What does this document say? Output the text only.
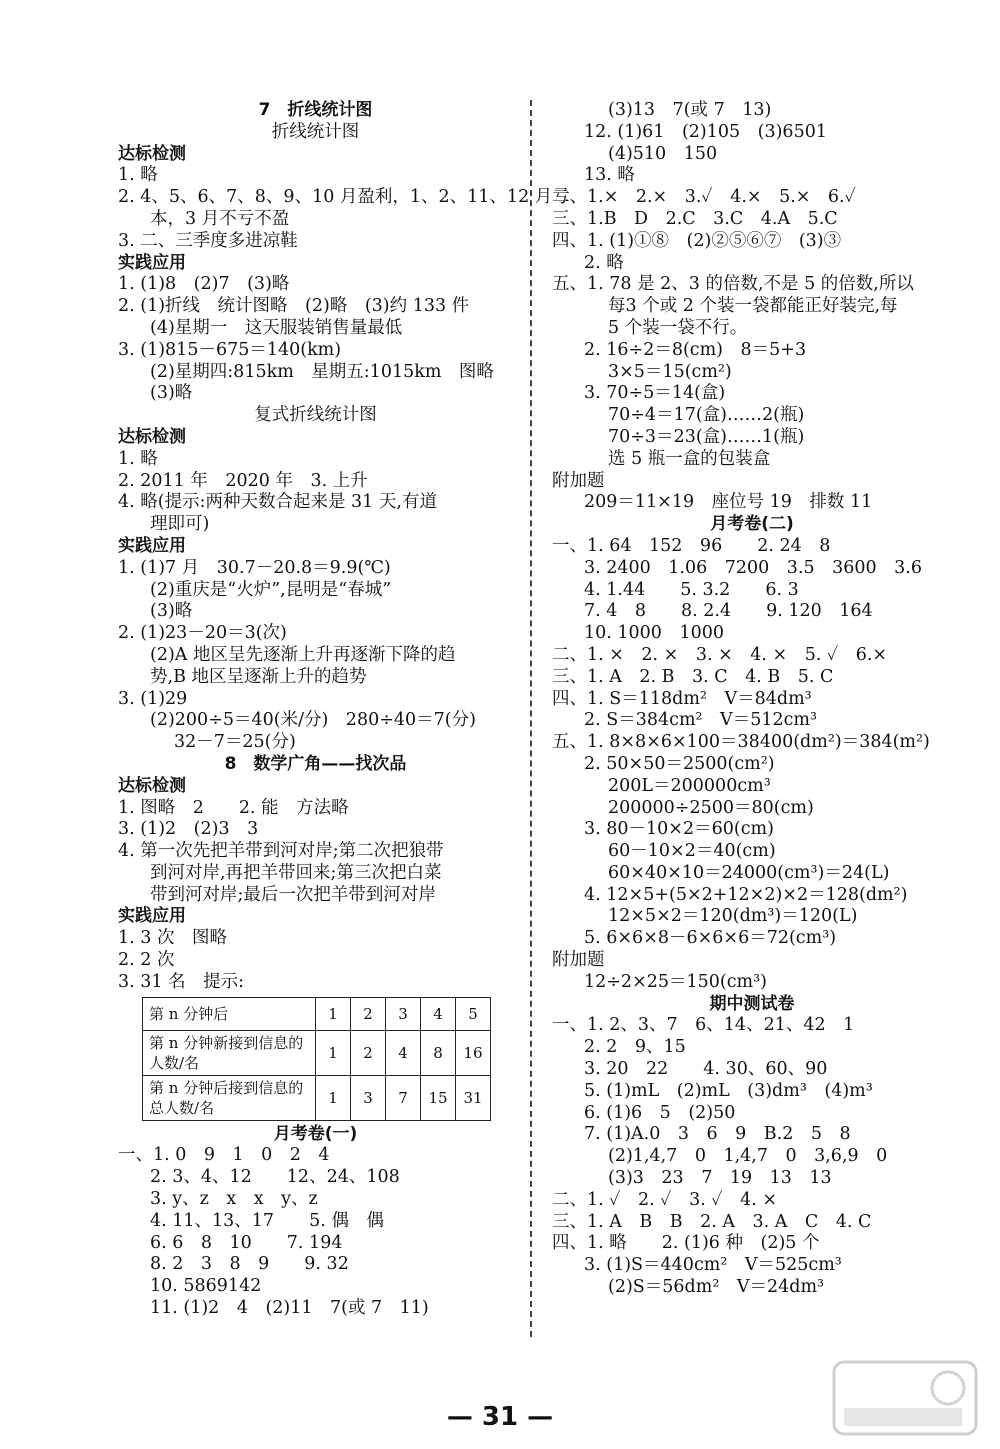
7　折线统计图
折线统计图
达标检测
1. 略
2. 4、5、6、7、8、9、10 月盈利，1、2、11、12 月亏
本，3 月不亏不盈
3. 二、三季度多进凉鞋
实践应用
1. (1)8　(2)7　(3)略
2. (1)折线　统计图略　(2)略　(3)约 133 件
(4)星期一　这天服装销售量最低
3. (1)815－675＝140(km)
(2)星期四:815km　星期五:1015km　图略
(3)略
复式折线统计图
达标检测
1. 略
2. 2011 年　2020 年　3. 上升
4. 略(提示:两种天数合起来是 31 天,有道
理即可)
实践应用
1. (1)7 月　30.7－20.8＝9.9(℃)
(2)重庆是“火炉”,昆明是“春城”
(3)略
2. (1)23－20＝3(次)
(2)A 地区呈先逐渐上升再逐渐下降的趋
势,B 地区呈逐渐上升的趋势
3. (1)29
(2)200÷5＝40(米/分)　280÷40＝7(分)
32－7＝25(分)
8　数学广角——找次品
达标检测
1. 图略　2　　2. 能　方法略
3. (1)2　(2)3　3
4. 第一次先把羊带到河对岸;第二次把狼带
到河对岸,再把羊带回来;第三次把白菜
带到河对岸;最后一次把羊带到河对岸
实践应用
1. 3 次　图略
2. 2 次
3. 31 名　提示:
第 n 分钟后	1	2	3	4	5
第 n 分钟新接到信息的人数/名	1	2	4	8	16
第 n 分钟后接到信息的总人数/名	1	3	7	15	31
月考卷(一)
一、1. 0　9　1　0　2　4
2. 3、4、12　　12、24、108
3. y、z　x　x　y、z
4. 11、13、17　　5. 偶　偶
6. 6　8　10　　7. 194
8. 2　3　8　9　　9. 32
10. 5869142
11. (1)2　4　(2)11　7(或 7　11)
(3)13　7(或 7　13)
12. (1)61　(2)105　(3)6501
(4)510　150
13. 略
二、1.×　2.×　3.✓　4.×　5.×　6.✓
三、1.B　D　2.C　3.C　4.A　5.C
四、1. (1)①⑧　(2)②⑤⑥⑦　(3)③
2. 略
五、1. 78 是 2、3 的倍数,不是 5 的倍数,所以
每3 个或 2 个装一袋都能正好装完,每
5 个装一袋不行。
2. 16÷2＝8(cm)　8＝5+3
3×5＝15(cm²)
3. 70÷5＝14(盒)
70÷4＝17(盒)……2(瓶)
70÷3＝23(盒)……1(瓶)
选 5 瓶一盒的包装盒
附加题
209＝11×19　座位号 19　排数 11
月考卷(二)
一、1. 64　152　96　　2. 24　8
3. 2400　1.06　7200　3.5　3600　3.6
4. 1.44　　5. 3.2　　6. 3
7. 4　8　　8. 2.4　　9. 120　164
10. 1000　1000
二、1. ×　2. ×　3. ×　4. ×　5. ✓　6.×
三、1. A　2. B　3. C　4. B　5. C
四、1. S＝118dm²　V＝84dm³
2. S＝384cm²　V＝512cm³
五、1. 8×8×6×100＝38400(dm²)＝384(m²)
2. 50×50＝2500(cm²)
200L＝200000cm³
200000÷2500＝80(cm)
3. 80－10×2＝60(cm)
60－10×2＝40(cm)
60×40×10＝24000(cm³)＝24(L)
4. 12×5+(5×2+12×2)×2＝128(dm²)
12×5×2＝120(dm³)＝120(L)
5. 6×6×8－6×6×6＝72(cm³)
附加题
12÷2×25＝150(cm³)
期中测试卷
一、1. 2、3、7　6、14、21、42　1
2. 2　9、15
3. 20　22　　4. 30、60、90
5. (1)mL　(2)mL　(3)dm³　(4)m³
6. (1)6　5　(2)50
7. (1)A.0　3　6　9　B.2　5　8
(2)1,4,7　0　1,4,7　0　3,6,9　0
(3)3　23　7　19　13　13
二、1. ✓　2. ✓　3. ✓　4. ×
三、1. A　B　B　2. A　3. A　C　4. C
四、1. 略　　2. (1)6 种　(2)5 个
3. (1)S＝440cm²　V＝525cm³
(2)S＝56dm²　V＝24dm³
— 31 —
